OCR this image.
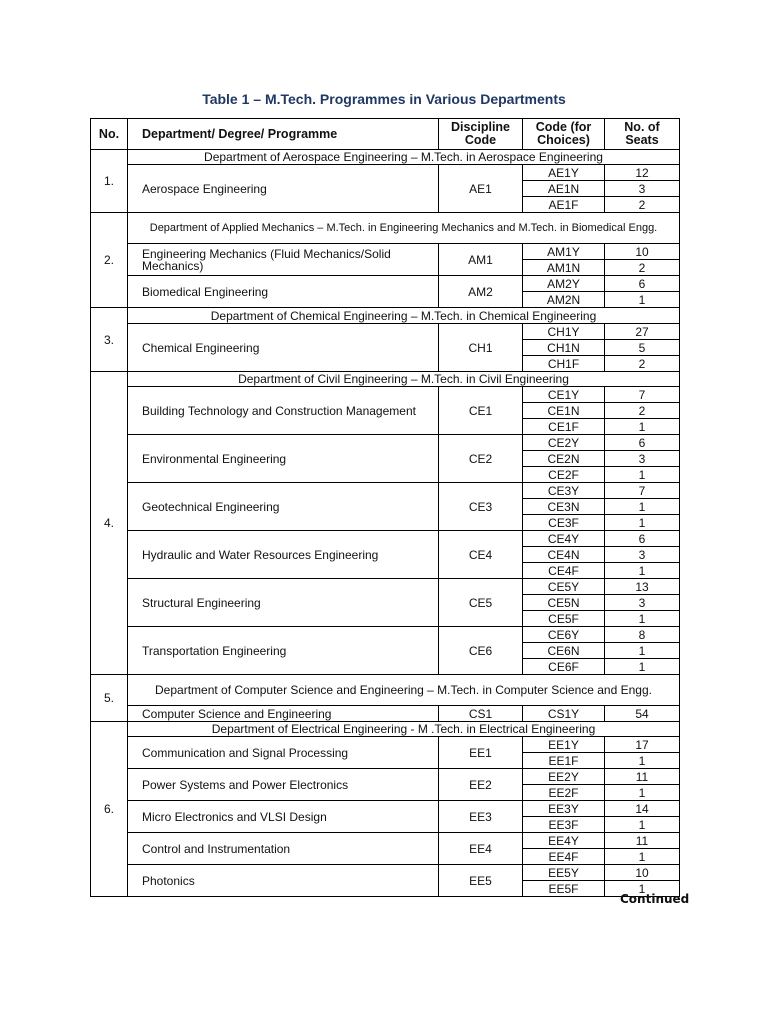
Table 1 – M.Tech. Programmes in Various Departments
No.	Department/ Degree/ Programme	Discipline Code	Code (for Choices)	No. of Seats
1.	Department of Aerospace Engineering – M.Tech. in Aerospace Engineering			
	Aerospace Engineering	AE1	AE1Y	12
			AE1N	3
			AE1F	2
2.	Department of Applied Mechanics – M.Tech. in Engineering Mechanics and M.Tech. in Biomedical Engg.			
	Engineering Mechanics (Fluid Mechanics/Solid Mechanics)	AM1	AM1Y	10
			AM1N	2
	Biomedical Engineering	AM2	AM2Y	6
			AM2N	1
3.	Department of Chemical Engineering – M.Tech. in Chemical Engineering			
	Chemical Engineering	CH1	CH1Y	27
			CH1N	5
			CH1F	2
4.	Department of Civil Engineering – M.Tech. in Civil Engineering			
	Building Technology and Construction Management	CE1	CE1Y	7
			CE1N	2
			CE1F	1
	Environmental Engineering	CE2	CE2Y	6
			CE2N	3
			CE2F	1
	Geotechnical Engineering	CE3	CE3Y	7
			CE3N	1
			CE3F	1
	Hydraulic and Water Resources Engineering	CE4	CE4Y	6
			CE4N	3
			CE4F	1
	Structural Engineering	CE5	CE5Y	13
			CE5N	3
			CE5F	1
	Transportation Engineering	CE6	CE6Y	8
			CE6N	1
			CE6F	1
5.	Department of Computer Science and Engineering – M.Tech. in Computer Science and Engg.			
	Computer Science and Engineering	CS1	CS1Y	54
6.	Department of Electrical Engineering - M .Tech. in Electrical Engineering			
	Communication and Signal Processing	EE1	EE1Y	17
			EE1F	1
	Power Systems and Power Electronics	EE2	EE2Y	11
			EE2F	1
	Micro Electronics and VLSI Design	EE3	EE3Y	14
			EE3F	1
	Control and Instrumentation	EE4	EE4Y	11
			EE4F	1
	Photonics	EE5	EE5Y	10
			EE5F	1
Continued
